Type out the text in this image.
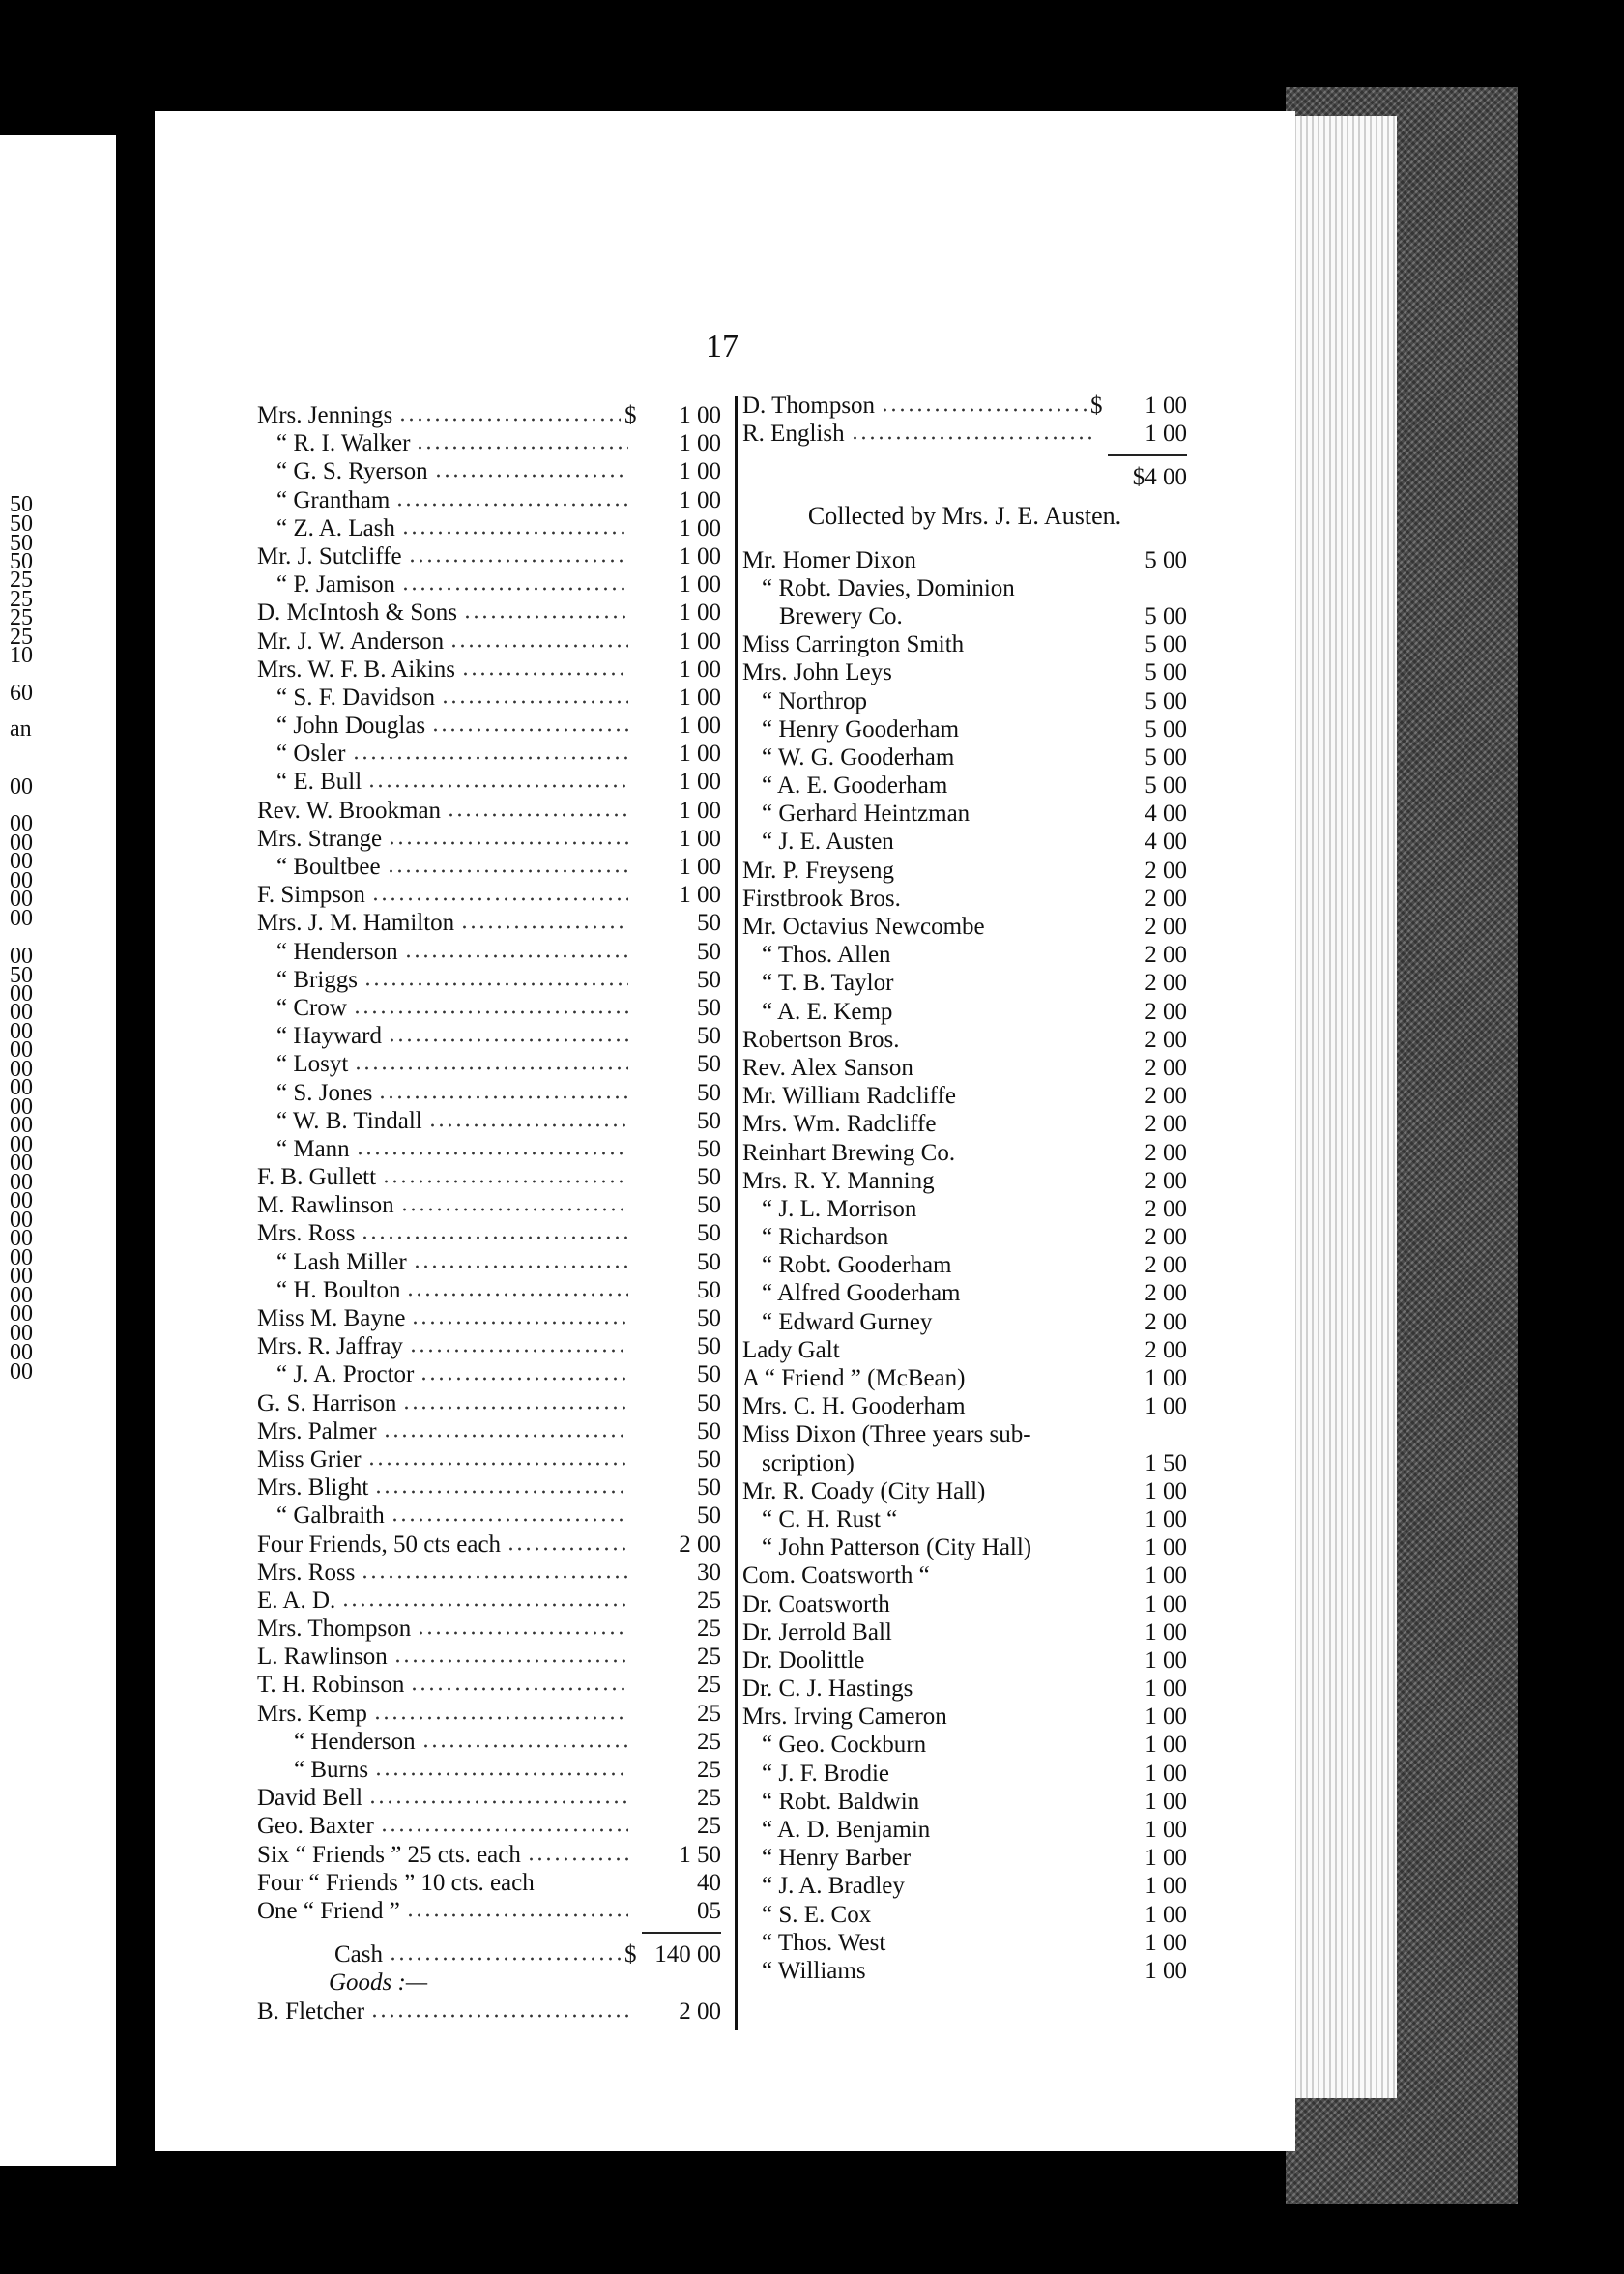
50
50
50
50
25
25
25
25
10
60
an
00
00
00
00
00
00
00
00
50
00
00
00
00
00
00
00
00
00
00
00
00
00
00
00
00
00
00
00
00
00
17
Mrs. Jennings	1 00
$
“ R. I. Walker	1 00
“ G. S. Ryerson	1 00
“ Grantham	1 00
“ Z. A. Lash	1 00
Mr. J. Sutcliffe	1 00
“ P. Jamison	1 00
D. McIntosh & Sons	1 00
Mr. J. W. Anderson	1 00
Mrs. W. F. B. Aikins	1 00
“ S. F. Davidson	1 00
“ John Douglas	1 00
“ Osler	1 00
“ E. Bull	1 00
Rev. W. Brookman	1 00
Mrs. Strange	1 00
“ Boultbee	1 00
F. Simpson	1 00
Mrs. J. M. Hamilton	50
“ Henderson	50
“ Briggs	50
“ Crow	50
“ Hayward	50
“ Losyt	50
“ S. Jones	50
“ W. B. Tindall	50
“ Mann	50
F. B. Gullett	50
M. Rawlinson	50
Mrs. Ross	50
“ Lash Miller	50
“ H. Boulton	50
Miss M. Bayne	50
Mrs. R. Jaffray	50
“ J. A. Proctor	50
G. S. Harrison	50
Mrs. Palmer	50
Miss Grier	50
Mrs. Blight	50
“ Galbraith	50
Four Friends, 50 cts each	2 00
Mrs. Ross	30
E. A. D.	25
Mrs. Thompson	25
L. Rawlinson	25
T. H. Robinson	25
Mrs. Kemp	25
“ Henderson	25
“ Burns	25
David Bell	25
Geo. Baxter	25
Six “ Friends ” 25 cts. each	1 50
Four “ Friends ” 10 cts. each	40
One “ Friend ”	05
Cash	140 00
$
Goods :—
B. Fletcher	2 00
D. Thompson	1 00
$
R. English	1 00
$4 00
Collected by Mrs. J. E. Austen.
Mr. Homer Dixon	5 00
“ Robt. Davies, Dominion
Brewery Co.	5 00
Miss Carrington Smith	5 00
Mrs. John Leys	5 00
“ Northrop	5 00
“ Henry Gooderham	5 00
“ W. G. Gooderham	5 00
“ A. E. Gooderham	5 00
“ Gerhard Heintzman	4 00
“ J. E. Austen	4 00
Mr. P. Freyseng	2 00
Firstbrook Bros.	2 00
Mr. Octavius Newcombe	2 00
“ Thos. Allen	2 00
“ T. B. Taylor	2 00
“ A. E. Kemp	2 00
Robertson Bros.	2 00
Rev. Alex Sanson	2 00
Mr. William Radcliffe	2 00
Mrs. Wm. Radcliffe	2 00
Reinhart Brewing Co.	2 00
Mrs. R. Y. Manning	2 00
“ J. L. Morrison	2 00
“ Richardson	2 00
“ Robt. Gooderham	2 00
“ Alfred Gooderham	2 00
“ Edward Gurney	2 00
Lady Galt	2 00
A “ Friend ” (McBean)	1 00
Mrs. C. H. Gooderham	1 00
Miss Dixon (Three years sub-
scription)	1 50
Mr. R. Coady (City Hall)	1 00
“ C. H. Rust “	1 00
“ John Patterson (City Hall)	1 00
Com. Coatsworth “	1 00
Dr. Coatsworth	1 00
Dr. Jerrold Ball	1 00
Dr. Doolittle	1 00
Dr. C. J. Hastings	1 00
Mrs. Irving Cameron	1 00
“ Geo. Cockburn	1 00
“ J. F. Brodie	1 00
“ Robt. Baldwin	1 00
“ A. D. Benjamin	1 00
“ Henry Barber	1 00
“ J. A. Bradley	1 00
“ S. E. Cox	1 00
“ Thos. West	1 00
“ Williams	1 00
